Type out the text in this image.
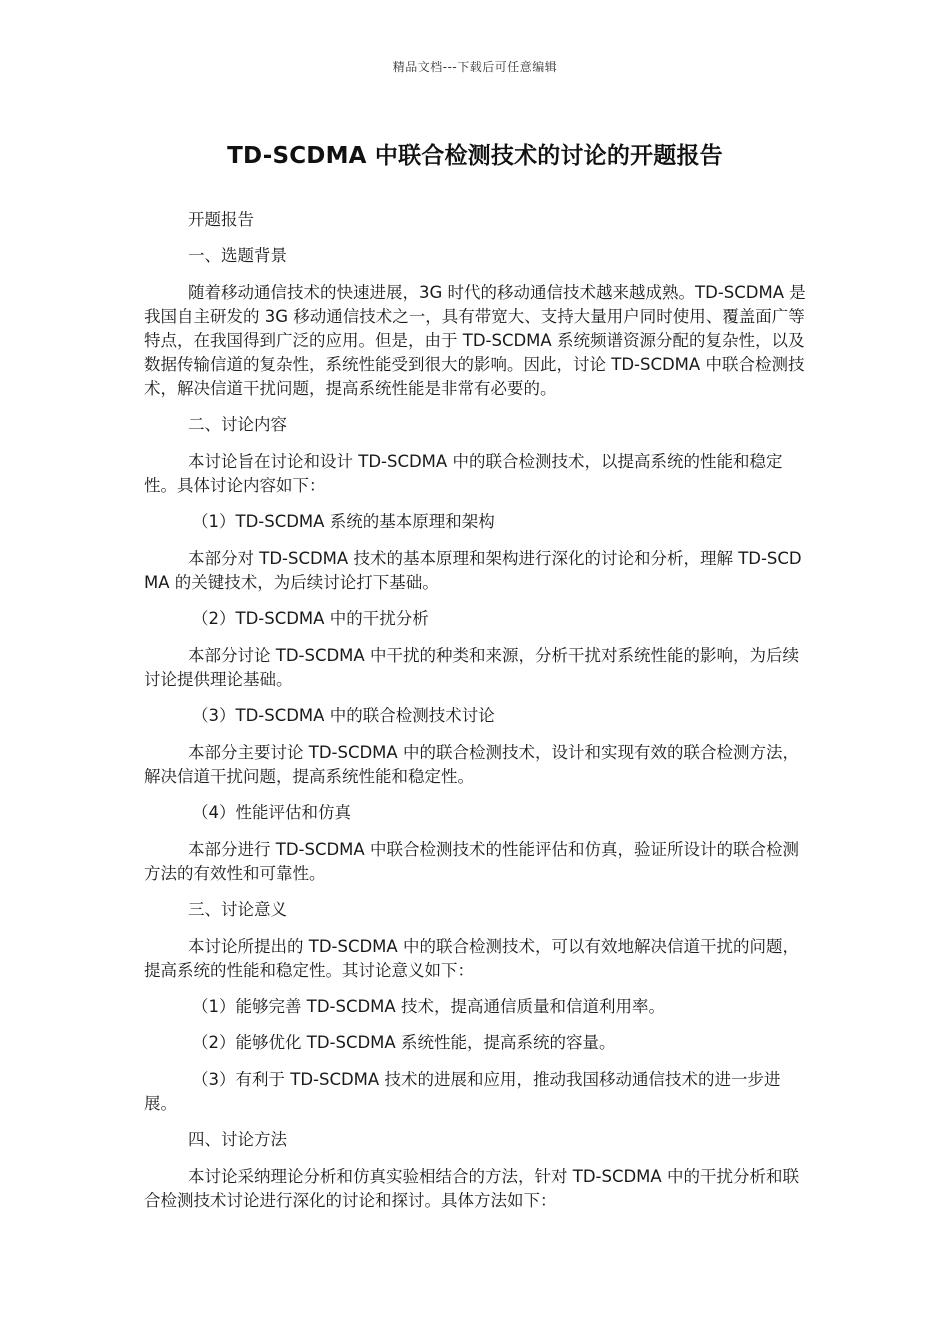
精品文档---下载后可任意编辑
TD-SCDMA 中联合检测技术的讨论的开题报告

开题报告

一、选题背景

随着移动通信技术的快速进展，3G 时代的移动通信技术越来越成熟。TD-SCDMA 是我国自主研发的 3G 移动通信技术之一，具有带宽大、支持大量用户同时使用、覆盖面广等特点，在我国得到广泛的应用。但是，由于 TD-SCDMA 系统频谱资源分配的复杂性，以及数据传输信道的复杂性，系统性能受到很大的影响。因此，讨论 TD-SCDMA 中联合检测技术，解决信道干扰问题，提高系统性能是非常有必要的。

二、讨论内容

本讨论旨在讨论和设计 TD-SCDMA 中的联合检测技术，以提高系统的性能和稳定性。具体讨论内容如下：

（1）TD-SCDMA 系统的基本原理和架构

本部分对 TD-SCDMA 技术的基本原理和架构进行深化的讨论和分析，理解 TD-SCDMA 的关键技术，为后续讨论打下基础。

（2）TD-SCDMA 中的干扰分析

本部分讨论 TD-SCDMA 中干扰的种类和来源，分析干扰对系统性能的影响，为后续讨论提供理论基础。

（3）TD-SCDMA 中的联合检测技术讨论

本部分主要讨论 TD-SCDMA 中的联合检测技术，设计和实现有效的联合检测方法，解决信道干扰问题，提高系统性能和稳定性。

（4）性能评估和仿真

本部分进行 TD-SCDMA 中联合检测技术的性能评估和仿真，验证所设计的联合检测方法的有效性和可靠性。

三、讨论意义

本讨论所提出的 TD-SCDMA 中的联合检测技术，可以有效地解决信道干扰的问题，提高系统的性能和稳定性。其讨论意义如下：

（1）能够完善 TD-SCDMA 技术，提高通信质量和信道利用率。

（2）能够优化 TD-SCDMA 系统性能，提高系统的容量。

（3）有利于 TD-SCDMA 技术的进展和应用，推动我国移动通信技术的进一步进展。

四、讨论方法

本讨论采纳理论分析和仿真实验相结合的方法，针对 TD-SCDMA 中的干扰分析和联合检测技术讨论进行深化的讨论和探讨。具体方法如下：
